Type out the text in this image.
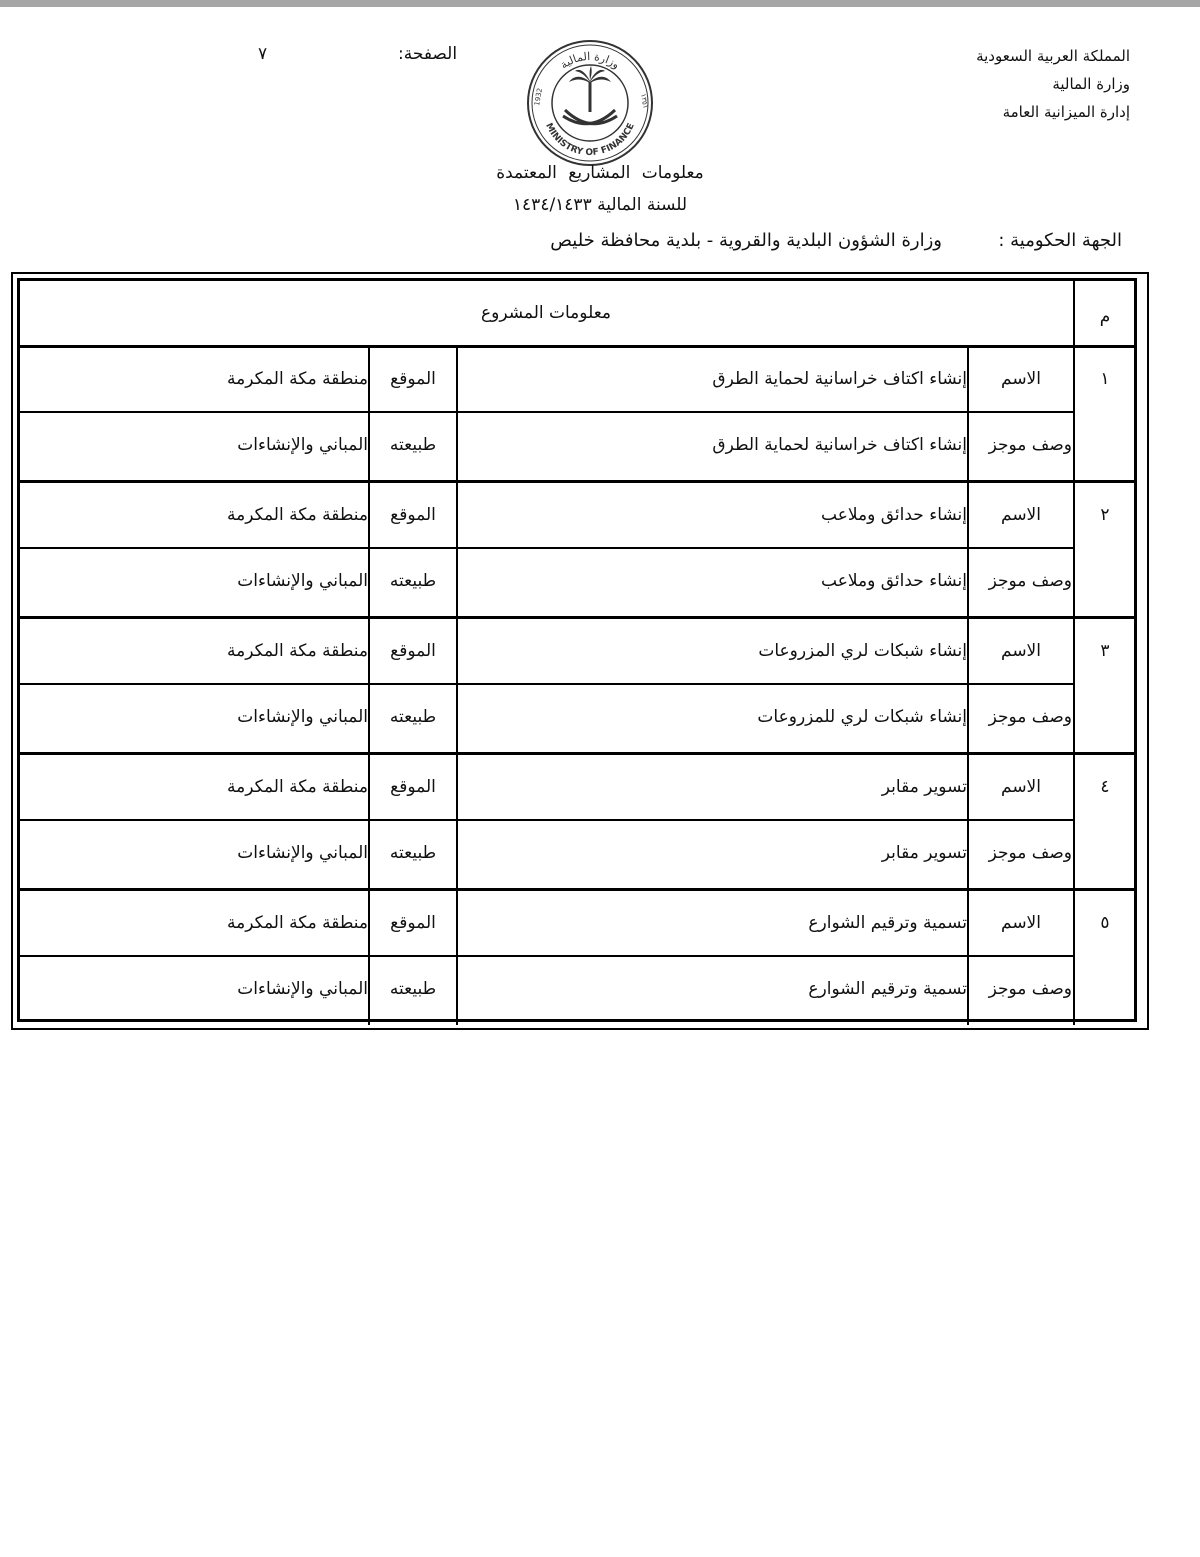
المملكة العربية السعودية
وزارة المالية
إدارة الميزانية العامة
الصفحة:
٧
وزارة المالية
MINISTRY OF FINANCE
1932	١٣٥١
معلومات المشاريع المعتمدة
للسنة المالية ١٤٣٤/١٤٣٣
الجهة الحكومية :
وزارة الشؤون البلدية والقروية - بلدية محافظة خليص
معلومات المشروع	م
١
الاسم
إنشاء اكتاف خراسانية لحماية الطرق
الموقع
منطقة مكة المكرمة
وصف موجز
إنشاء اكتاف خراسانية لحماية الطرق
طبيعته
المباني والإنشاءات
٢
الاسم
إنشاء حدائق وملاعب
الموقع
منطقة مكة المكرمة
وصف موجز
إنشاء حدائق وملاعب
طبيعته
المباني والإنشاءات
٣
الاسم
إنشاء شبكات لري المزروعات
الموقع
منطقة مكة المكرمة
وصف موجز
إنشاء شبكات لري للمزروعات
طبيعته
المباني والإنشاءات
٤
الاسم
تسوير مقابر
الموقع
منطقة مكة المكرمة
وصف موجز
تسوير مقابر
طبيعته
المباني والإنشاءات
٥
الاسم
تسمية وترقيم الشوارع
الموقع
منطقة مكة المكرمة
وصف موجز
تسمية وترقيم الشوارع
طبيعته
المباني والإنشاءات
